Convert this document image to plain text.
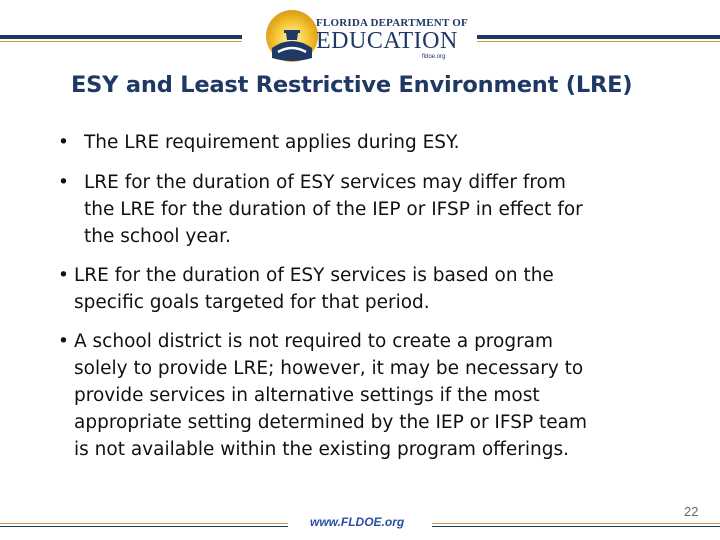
FLORIDA DEPARTMENT OF
EDUCATION
fldoe.org
ESY and Least Restrictive Environment (LRE)
• The LRE requirement applies during ESY.
• LRE for the duration of ESY services may differ from
the LRE for the duration of the IEP or IFSP in effect for
the school year.
• LRE for the duration of ESY services is based on the
specific goals targeted for that period.
• A school district is not required to create a program
solely to provide LRE; however, it may be necessary to
provide services in alternative settings if the most
appropriate setting determined by the IEP or IFSP team
is not available within the existing program offerings.
22
www.FLDOE.org
